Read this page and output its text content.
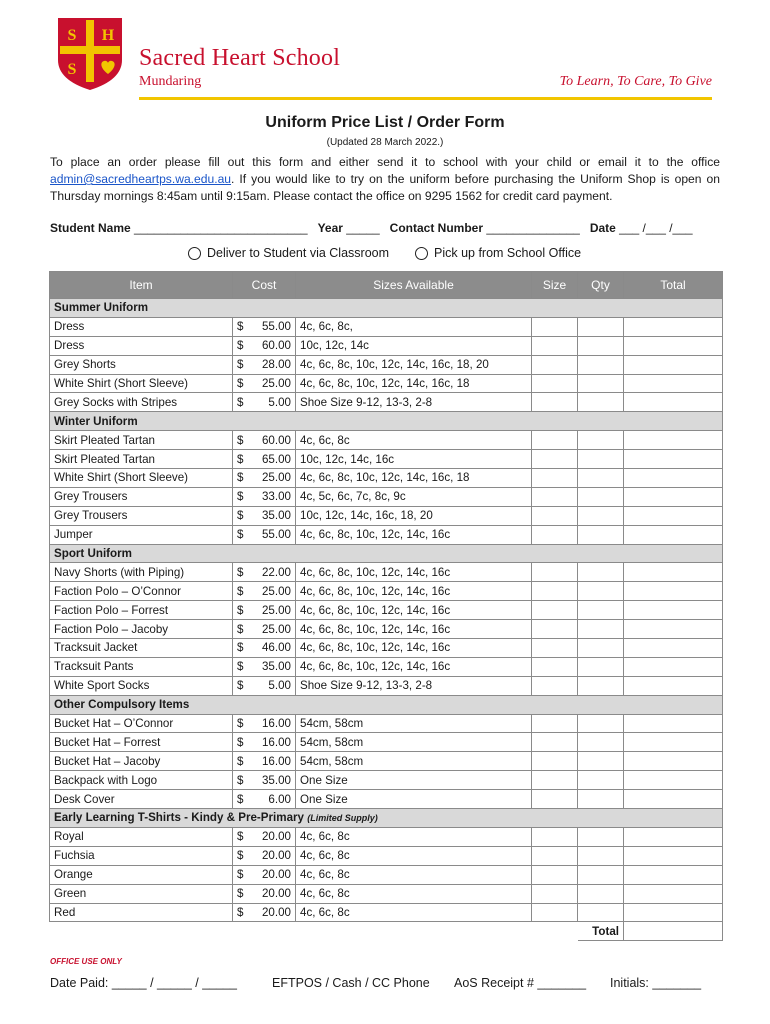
S H
S	Sacred Heart School
Mundaring	To Learn, To Care, To Give
Uniform Price List / Order Form
(Updated 28 March 2022.)
To place an order please fill out this form and either send it to school with your child or email it to the office admin@sacredheartps.wa.edu.au. If you would like to try on the uniform before purchasing the Uniform Shop is open on Thursday mornings 8:45am until 9:15am. Please contact the office on 9295 1562 for credit card payment.
Student Name __________________________ Year _____ Contact Number ______________ Date ___ /___ /___
Deliver to Student via Classroom	Pick up from School Office
Item	Cost	Sizes Available	Size	Qty	Total
Summer Uniform					
Dress	$ 55.00	4c, 6c, 8c,			
Dress	$ 60.00	10c, 12c, 14c			
Grey Shorts	$ 28.00	4c, 6c, 8c, 10c, 12c, 14c, 16c, 18, 20			
White Shirt (Short Sleeve)	$ 25.00	4c, 6c, 8c, 10c, 12c, 14c, 16c, 18			
Grey Socks with Stripes	$ 5.00	Shoe Size 9-12, 13-3, 2-8			
Winter Uniform					
Skirt Pleated Tartan	$ 60.00	4c, 6c, 8c			
Skirt Pleated Tartan	$ 65.00	10c, 12c, 14c, 16c			
White Shirt (Short Sleeve)	$ 25.00	4c, 6c, 8c, 10c, 12c, 14c, 16c, 18			
Grey Trousers	$ 33.00	4c, 5c, 6c, 7c, 8c, 9c			
Grey Trousers	$ 35.00	10c, 12c, 14c, 16c, 18, 20			
Jumper	$ 55.00	4c, 6c, 8c, 10c, 12c, 14c, 16c			
Sport Uniform					
Navy Shorts (with Piping)	$ 22.00	4c, 6c, 8c, 10c, 12c, 14c, 16c			
Faction Polo – O’Connor	$ 25.00	4c, 6c, 8c, 10c, 12c, 14c, 16c			
Faction Polo – Forrest	$ 25.00	4c, 6c, 8c, 10c, 12c, 14c, 16c			
Faction Polo – Jacoby	$ 25.00	4c, 6c, 8c, 10c, 12c, 14c, 16c			
Tracksuit Jacket	$ 46.00	4c, 6c, 8c, 10c, 12c, 14c, 16c			
Tracksuit Pants	$ 35.00	4c, 6c, 8c, 10c, 12c, 14c, 16c			
White Sport Socks	$ 5.00	Shoe Size 9-12, 13-3, 2-8			
Other Compulsory Items					
Bucket Hat – O’Connor	$ 16.00	54cm, 58cm			
Bucket Hat – Forrest	$ 16.00	54cm, 58cm			
Bucket Hat – Jacoby	$ 16.00	54cm, 58cm			
Backpack with Logo	$ 35.00	One Size			
Desk Cover	$ 6.00	One Size			
Early Learning T-Shirts - Kindy & Pre-Primary (Limited Supply)					
Royal	$ 20.00	4c, 6c, 8c			
Fuchsia	$ 20.00	4c, 6c, 8c			
Orange	$ 20.00	4c, 6c, 8c			
Green	$ 20.00	4c, 6c, 8c			
Red	$ 20.00	4c, 6c, 8c			
				Total	
OFFICE USE ONLY
Date Paid: _____ / _____ / _____	EFTPOS / Cash / CC Phone AoS Receipt # _______ Initials: _______
